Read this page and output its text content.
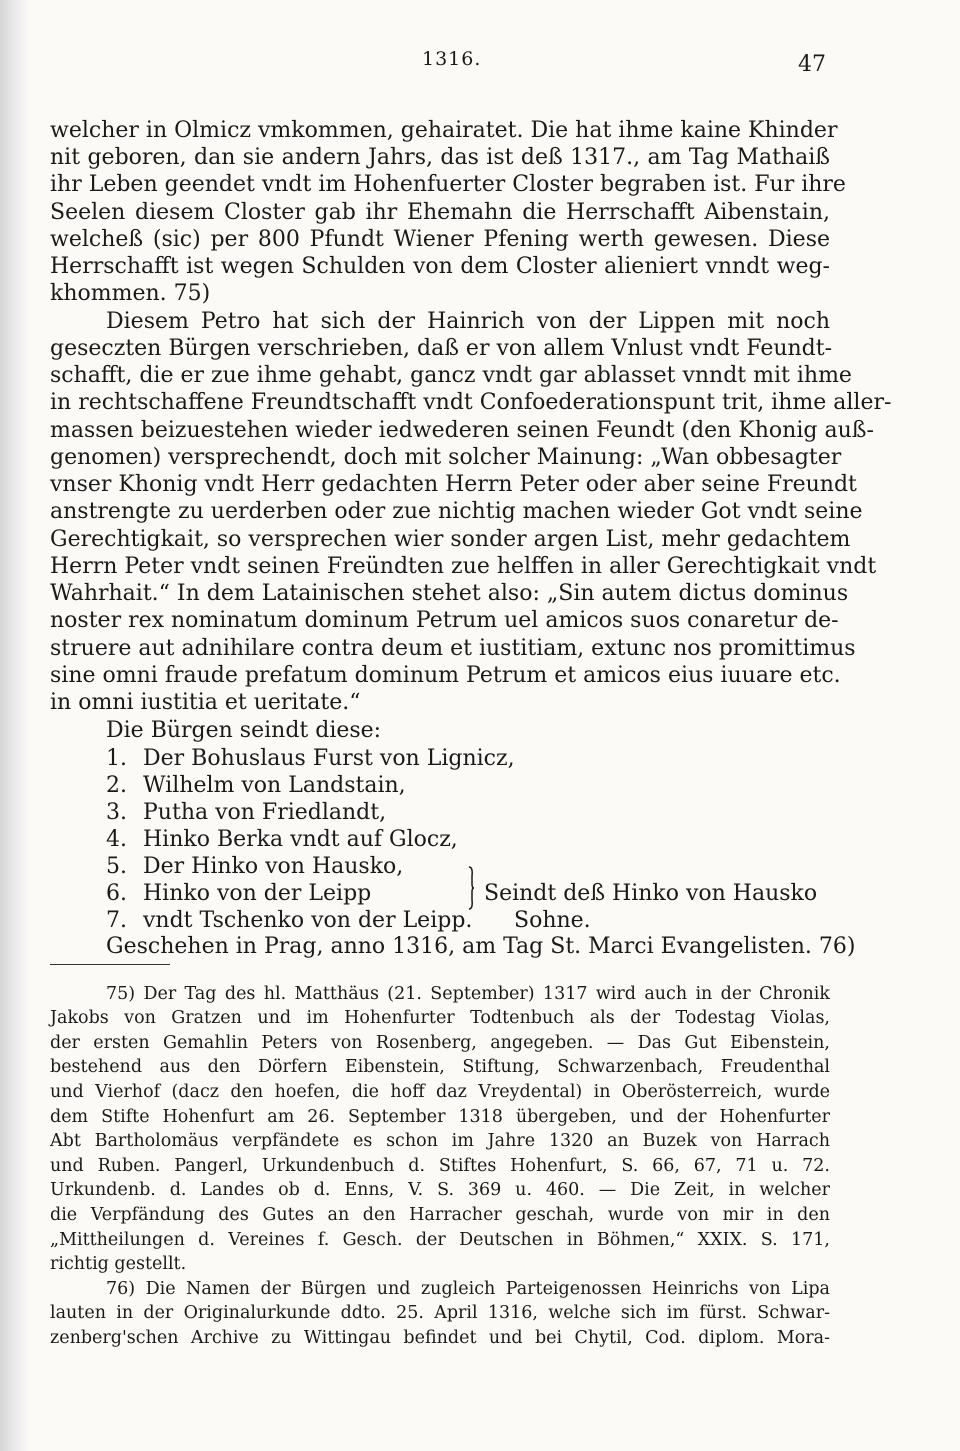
1316.	47
welcher in Olmicz vmkommen, gehairatet. Die hat ihme kaine Khinder
nit geboren, dan sie andern Jahrs, das ist deß 1317., am Tag Mathaiß
ihr Leben geendet vndt im Hohenfuerter Closter begraben ist. Fur ihre
Seelen diesem Closter gab ihr Ehemahn die Herrschafft Aibenstain,
welcheß (sic) per 800 Pfundt Wiener Pfening werth gewesen. Diese
Herrschafft ist wegen Schulden von dem Closter alieniert vnndt weg-
khommen. 75)
Diesem Petro hat sich der Hainrich von der Lippen mit noch
geseczten Bürgen verschrieben, daß er von allem Vnlust vndt Feundt-
schafft, die er zue ihme gehabt, gancz vndt gar ablasset vnndt mit ihme
in rechtschaffene Freundtschafft vndt Confoederationspunt trit, ihme aller-
massen beizuestehen wieder iedwederen seinen Feundt (den Khonig auß-
genomen) versprechendt, doch mit solcher Mainung: „Wan obbesagter
vnser Khonig vndt Herr gedachten Herrn Peter oder aber seine Freundt
anstrengte zu uerderben oder zue nichtig machen wieder Got vndt seine
Gerechtigkait, so versprechen wier sonder argen List, mehr gedachtem
Herrn Peter vndt seinen Freündten zue helffen in aller Gerechtigkait vndt
Wahrhait.“ In dem Latainischen stehet also: „Sin autem dictus dominus
noster rex nominatum dominum Petrum uel amicos suos conaretur de-
struere aut adnihilare contra deum et iustitiam, extunc nos promittimus
sine omni fraude prefatum dominum Petrum et amicos eius iuuare etc.
in omni iustitia et ueritate.“
Die Bürgen seindt diese:
1. Der Bohuslaus Furst von Lignicz,
2. Wilhelm von Landstain,
3. Putha von Friedlandt,
4. Hinko Berka vndt auf Glocz,
5. Der Hinko von Hausko,
6. Hinko von der Leipp
7. vndt Tschenko von der Leipp.
Seindt deß Hinko von Hausko
Sohne.
Geschehen in Prag, anno 1316, am Tag St. Marci Evangelisten. 76)
75) Der Tag des hl. Matthäus (21. September) 1317 wird auch in der Chronik
Jakobs von Gratzen und im Hohenfurter Todtenbuch als der Todestag Violas,
der ersten Gemahlin Peters von Rosenberg, angegeben. — Das Gut Eibenstein,
bestehend aus den Dörfern Eibenstein, Stiftung, Schwarzenbach, Freudenthal
und Vierhof (dacz den hoefen, die hoff daz Vreydental) in Oberösterreich, wurde
dem Stifte Hohenfurt am 26. September 1318 übergeben, und der Hohenfurter
Abt Bartholomäus verpfändete es schon im Jahre 1320 an Buzek von Harrach
und Ruben. Pangerl, Urkundenbuch d. Stiftes Hohenfurt, S. 66, 67, 71 u. 72.
Urkundenb. d. Landes ob d. Enns, V. S. 369 u. 460. — Die Zeit, in welcher
die Verpfändung des Gutes an den Harracher geschah, wurde von mir in den
„Mittheilungen d. Vereines f. Gesch. der Deutschen in Böhmen,“ XXIX. S. 171,
richtig gestellt.
76) Die Namen der Bürgen und zugleich Parteigenossen Heinrichs von Lipa
lauten in der Originalurkunde ddto. 25. April 1316, welche sich im fürst. Schwar-
zenberg'schen Archive zu Wittingau befindet und bei Chytil, Cod. diplom. Mora-
